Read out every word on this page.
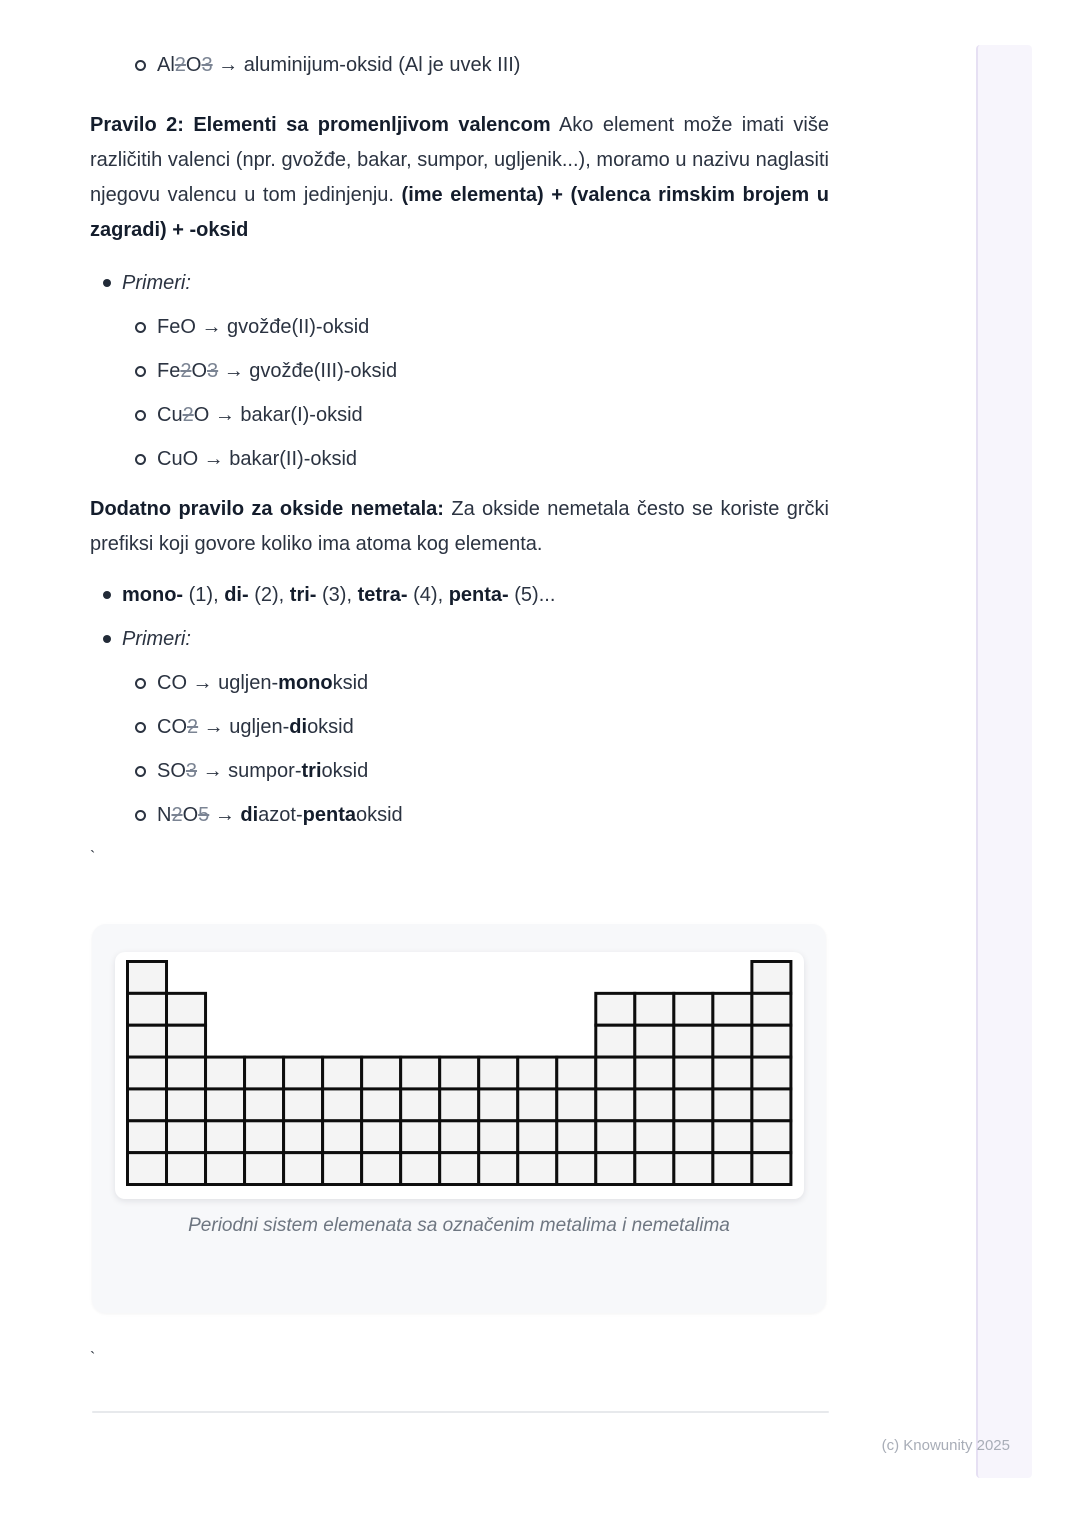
Al2O3 → aluminijum-oksid (Al je uvek III)

Pravilo 2: Elementi sa promenljivom valencom Ako element može imati više različitih valenci (npr. gvožđe, bakar, sumpor, ugljenik...), moramo u nazivu naglasiti njegovu valencu u tom jedinjenju. (ime elementa) + (valenca rimskim brojem u zagradi) + -oksid

Primeri:
FeO → gvožđe(II)-oksid
Fe2O3 → gvožđe(III)-oksid
Cu2O → bakar(I)-oksid
CuO → bakar(II)-oksid

Dodatno pravilo za okside nemetala: Za okside nemetala često se koriste grčki prefiksi koji govore koliko ima atoma kog elementa.

mono- (1), di- (2), tri- (3), tetra- (4), penta- (5)...
Primeri:
CO → ugljen-monoksid
CO2 → ugljen-dioksid
SO3 → sumpor-trioksid
N2O5 → diazot-pentaoksid
`
Periodni sistem elemenata sa označenim metalima i nemetalima
`
(c) Knowunity 2025
